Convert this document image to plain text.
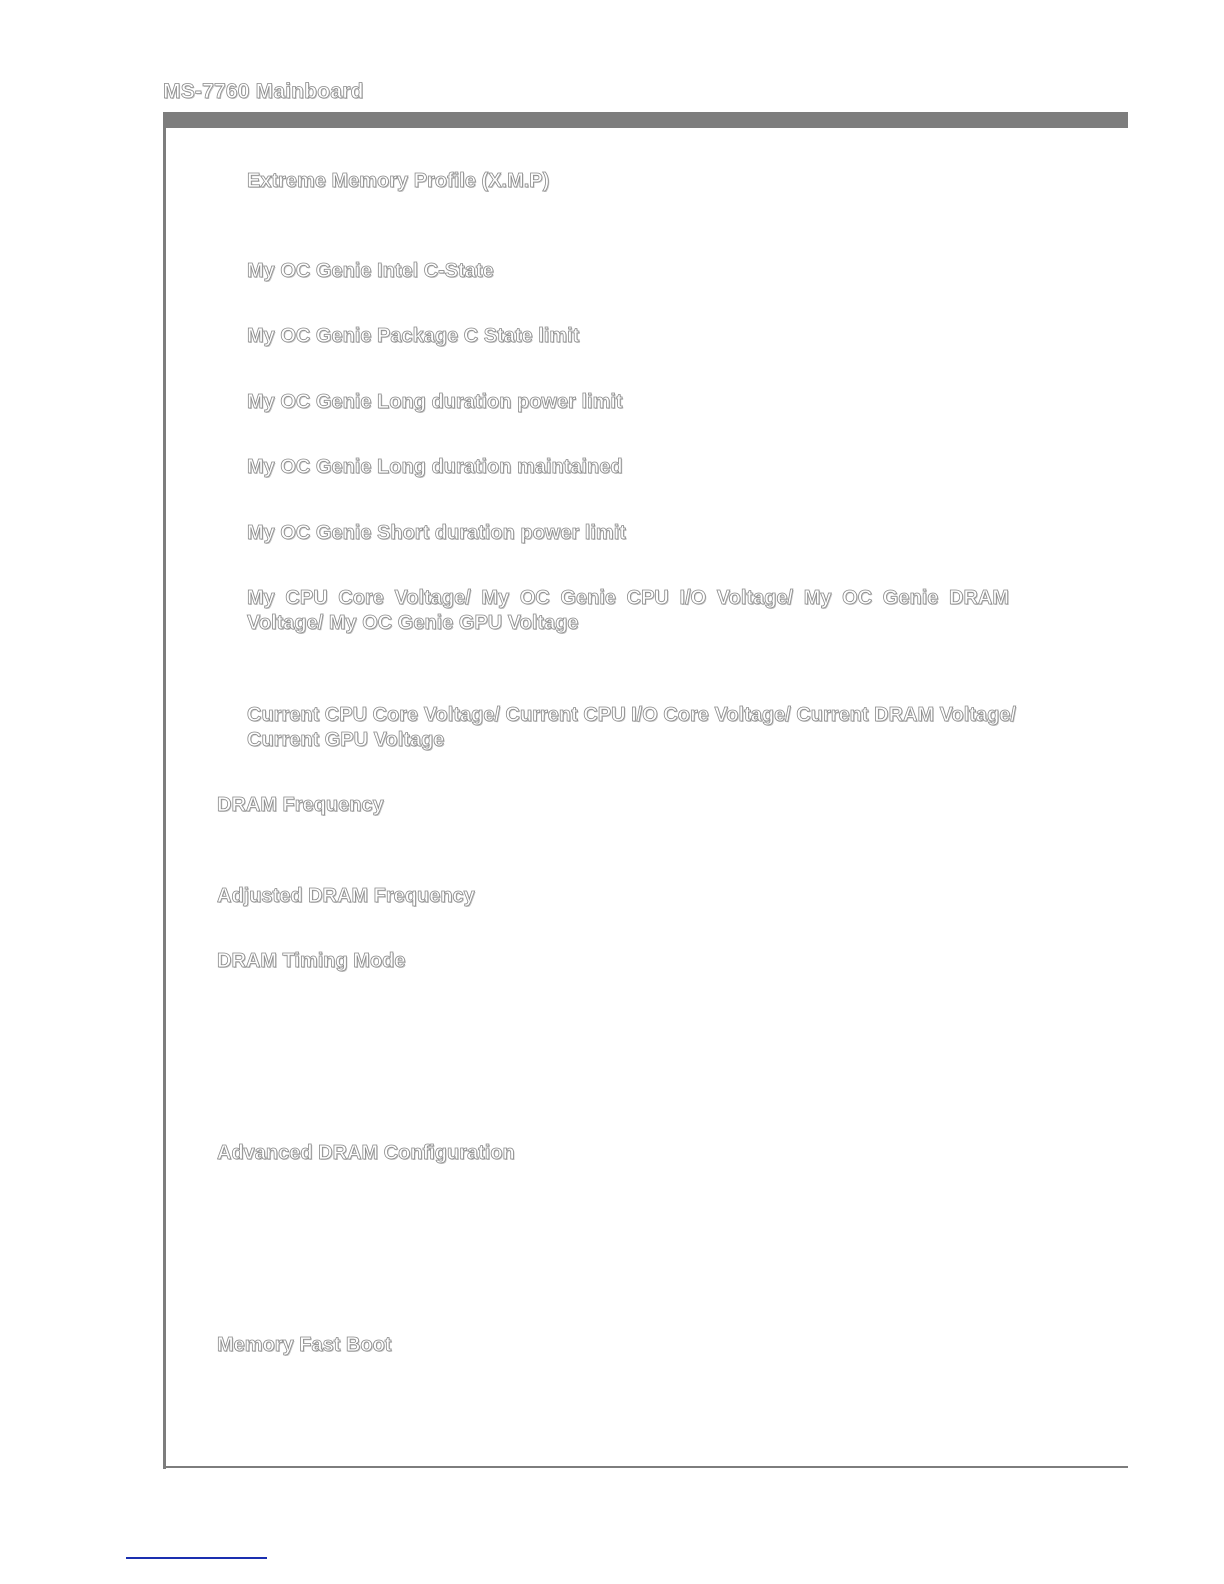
MS-7760 Mainboard

Extreme Memory Profile (X.M.P)

My OC Genie Intel C-State

My OC Genie Package C State limit

My OC Genie Long duration power limit

My OC Genie Long duration maintained

My OC Genie Short duration power limit

My CPU Core Voltage/ My OC Genie CPU I/O Voltage/ My OC Genie DRAM Voltage/ My OC Genie GPU Voltage

Current CPU Core Voltage/ Current CPU I/O Core Voltage/ Current DRAM Voltage/ Current GPU Voltage

DRAM Frequency

Adjusted DRAM Frequency

DRAM Timing Mode

Advanced DRAM Configuration

Memory Fast Boot
